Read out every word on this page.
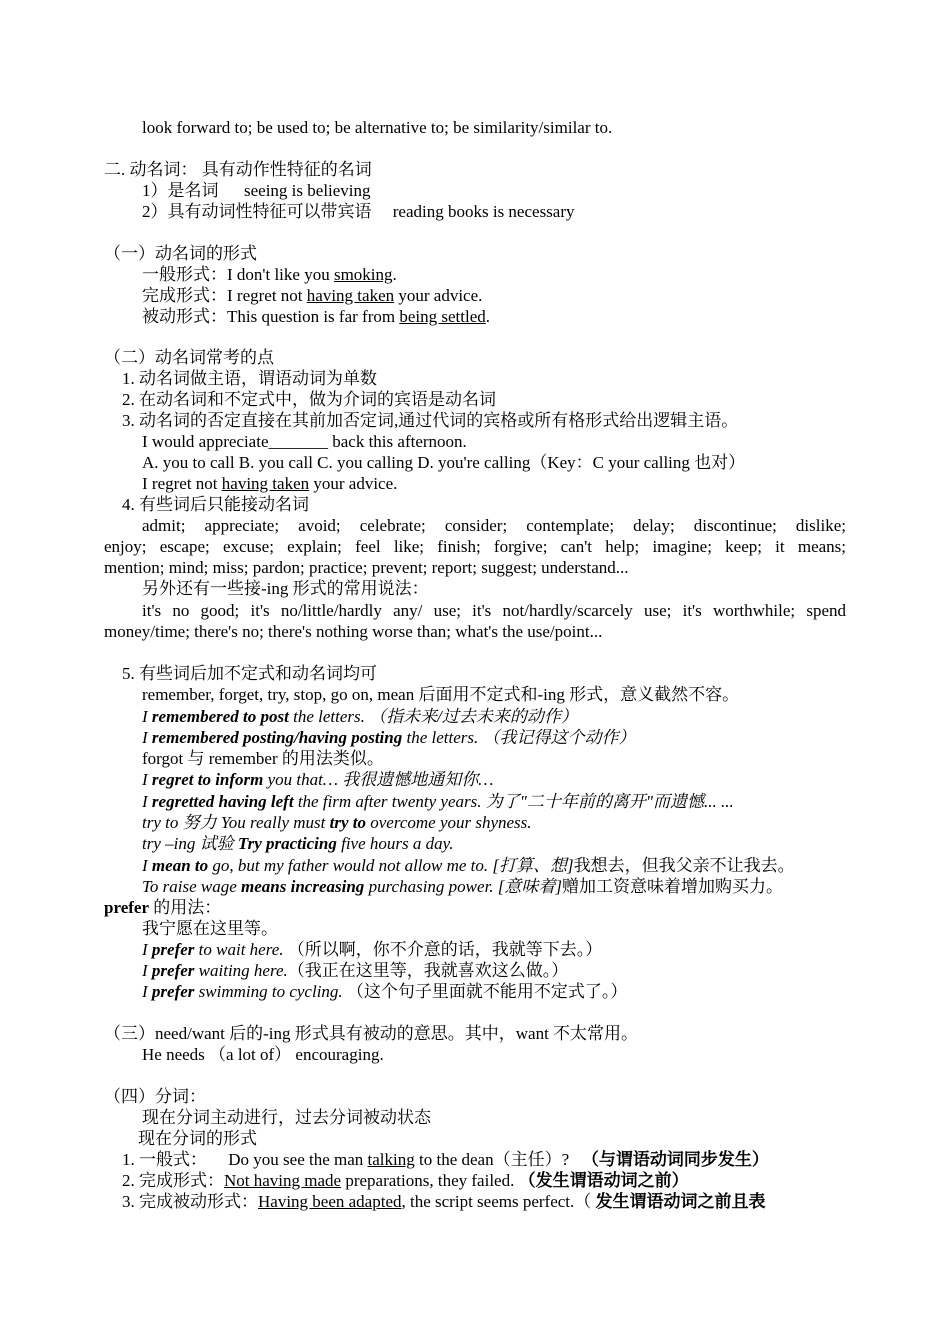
look forward to; be used to; be alternative to; be similarity/similar to.
二. 动名词： 具有动作性特征的名词
1）是名词 　 seeing is believing
2）具有动词性特征可以带宾语 　reading books is necessary
（一）动名词的形式
一般形式：I don't like you smoking.
完成形式：I regret not having taken your advice.
被动形式：This question is far from being settled.
（二）动名词常考的点
1. 动名词做主语，谓语动词为单数
2. 在动名词和不定式中，做为介词的宾语是动名词
3. 动名词的否定直接在其前加否定词,通过代词的宾格或所有格形式给出逻辑主语。
I would appreciate_______ back this afternoon.
A. you to call B. you call C. you calling D. you're calling（Key：C your calling 也对）
I regret not having taken your advice.
4. 有些词后只能接动名词
admit; appreciate; avoid; celebrate; consider; contemplate; delay; discontinue; dislike;
enjoy; escape; excuse; explain; feel like; finish; forgive; can't help; imagine; keep; it means;
mention; mind; miss; pardon; practice; prevent; report; suggest; understand...
另外还有一些接-ing 形式的常用说法：
it's no good; it's no/little/hardly any/ use; it's not/hardly/scarcely use; it's worthwhile; spend
money/time; there's no; there's nothing worse than; what's the use/point...
5. 有些词后加不定式和动名词均可
remember, forget, try, stop, go on, mean 后面用不定式和-ing 形式，意义截然不容。
I remembered to post the letters. （指未来/过去未来的动作）
I remembered posting/having posting the letters. （我记得这个动作）
forgot 与 remember 的用法类似。
I regret to inform you that… 我很遗憾地通知你…
I regretted having left the firm after twenty years. 为了"二十年前的离开"而遗憾... ...
try to 努力 You really must try to overcome your shyness.
try –ing 试验 Try practicing five hours a day.
I mean to go, but my father would not allow me to. [打算、想]我想去，但我父亲不让我去。
To raise wage means increasing purchasing power. [意味着]赠加工资意味着增加购买力。
prefer 的用法：
我宁愿在这里等。
I prefer to wait here. （所以啊，你不介意的话，我就等下去。）
I prefer waiting here.（我正在这里等，我就喜欢这么做。）
I prefer swimming to cycling. （这个句子里面就不能用不定式了。）
（三）need/want 后的-ing 形式具有被动的意思。其中，want 不太常用。
He needs （a lot of） encouraging.
（四）分词：
现在分词主动进行，过去分词被动状态
现在分词的形式
1. 一般式： 　Do you see the man talking to the dean（主任）? 　（与谓语动词同步发生）
2. 完成形式：Not having made preparations, they failed. （发生谓语动词之前）
3. 完成被动形式：Having been adapted, the script seems perfect.（ 发生谓语动词之前且表
